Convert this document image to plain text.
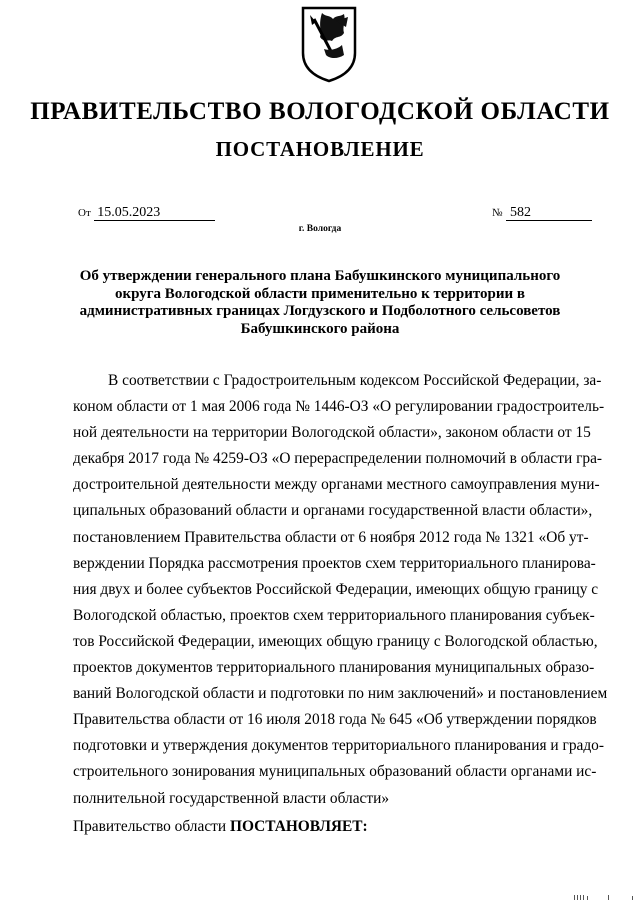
ПРАВИТЕЛЬСТВО ВОЛОГОДСКОЙ ОБЛАСТИ
ПОСТАНОВЛЕНИЕ
От 15.05.2023	№ 582
г. Вологда
Об утверждении генерального плана Бабушкинского муниципального
округа Вологодской области применительно к территории в
административных границах Логдузского и Подболотного сельсоветов
Бабушкинского района
В соответствии с Градостроительным кодексом Российской Федерации, за-
коном области от 1 мая 2006 года № 1446-ОЗ «О регулировании градостроитель-
ной деятельности на территории Вологодской области», законом области от 15
декабря 2017 года № 4259-ОЗ «О перераспределении полномочий в области гра-
достроительной деятельности между органами местного самоуправления муни-
ципальных образований области и органами государственной власти области»,
постановлением Правительства области от 6 ноября 2012 года № 1321 «Об ут-
верждении Порядка рассмотрения проектов схем территориального планирова-
ния двух и более субъектов Российской Федерации, имеющих общую границу с
Вологодской областью, проектов схем территориального планирования субъек-
тов Российской Федерации, имеющих общую границу с Вологодской областью,
проектов документов территориального планирования муниципальных образо-
ваний Вологодской области и подготовки по ним заключений» и постановлением
Правительства области от 16 июля 2018 года № 645 «Об утверждении порядков
подготовки и утверждения документов территориального планирования и градо-
строительного зонирования муниципальных образований области органами ис-
полнительной государственной власти области»
Правительство области ПОСТАНОВЛЯЕТ:
